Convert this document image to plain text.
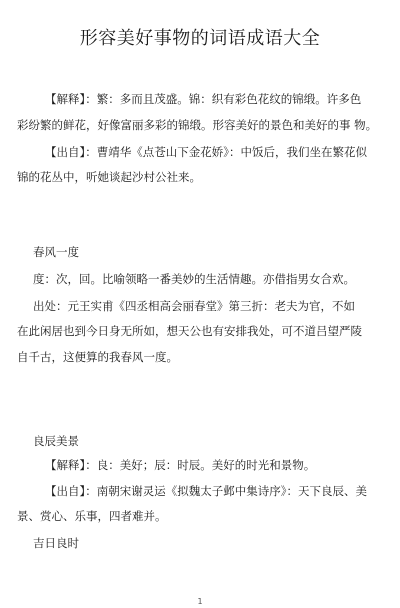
形容美好事物的词语成语大全
【解释】：繁：多而且茂盛。锦：织有彩色花纹的锦缎。许多色
彩纷繁的鲜花，好像富丽多彩的锦缎。形容美好的景色和美好的事 物。
【出自】：曹靖华《点苍山下金花娇》：中饭后，我们坐在繁花似
锦的花丛中，听她谈起沙村公社来。
春风一度
度：次，回。比喻领略一番美妙的生活情趣。亦借指男女合欢。
出处：元王实甫《四丞相高会丽春堂》第三折：老夫为官，不如
在此闲居也到今日身无所如，想天公也有安排我处，可不道吕望严陵
自千古，这便算的我春风一度。
良辰美景
【解释】：良：美好；辰：时辰。美好的时光和景物。
【出自】：南朝宋谢灵运《拟魏太子邺中集诗序》：天下良辰、美
景、赏心、乐事，四者难并。
吉日良时
1
